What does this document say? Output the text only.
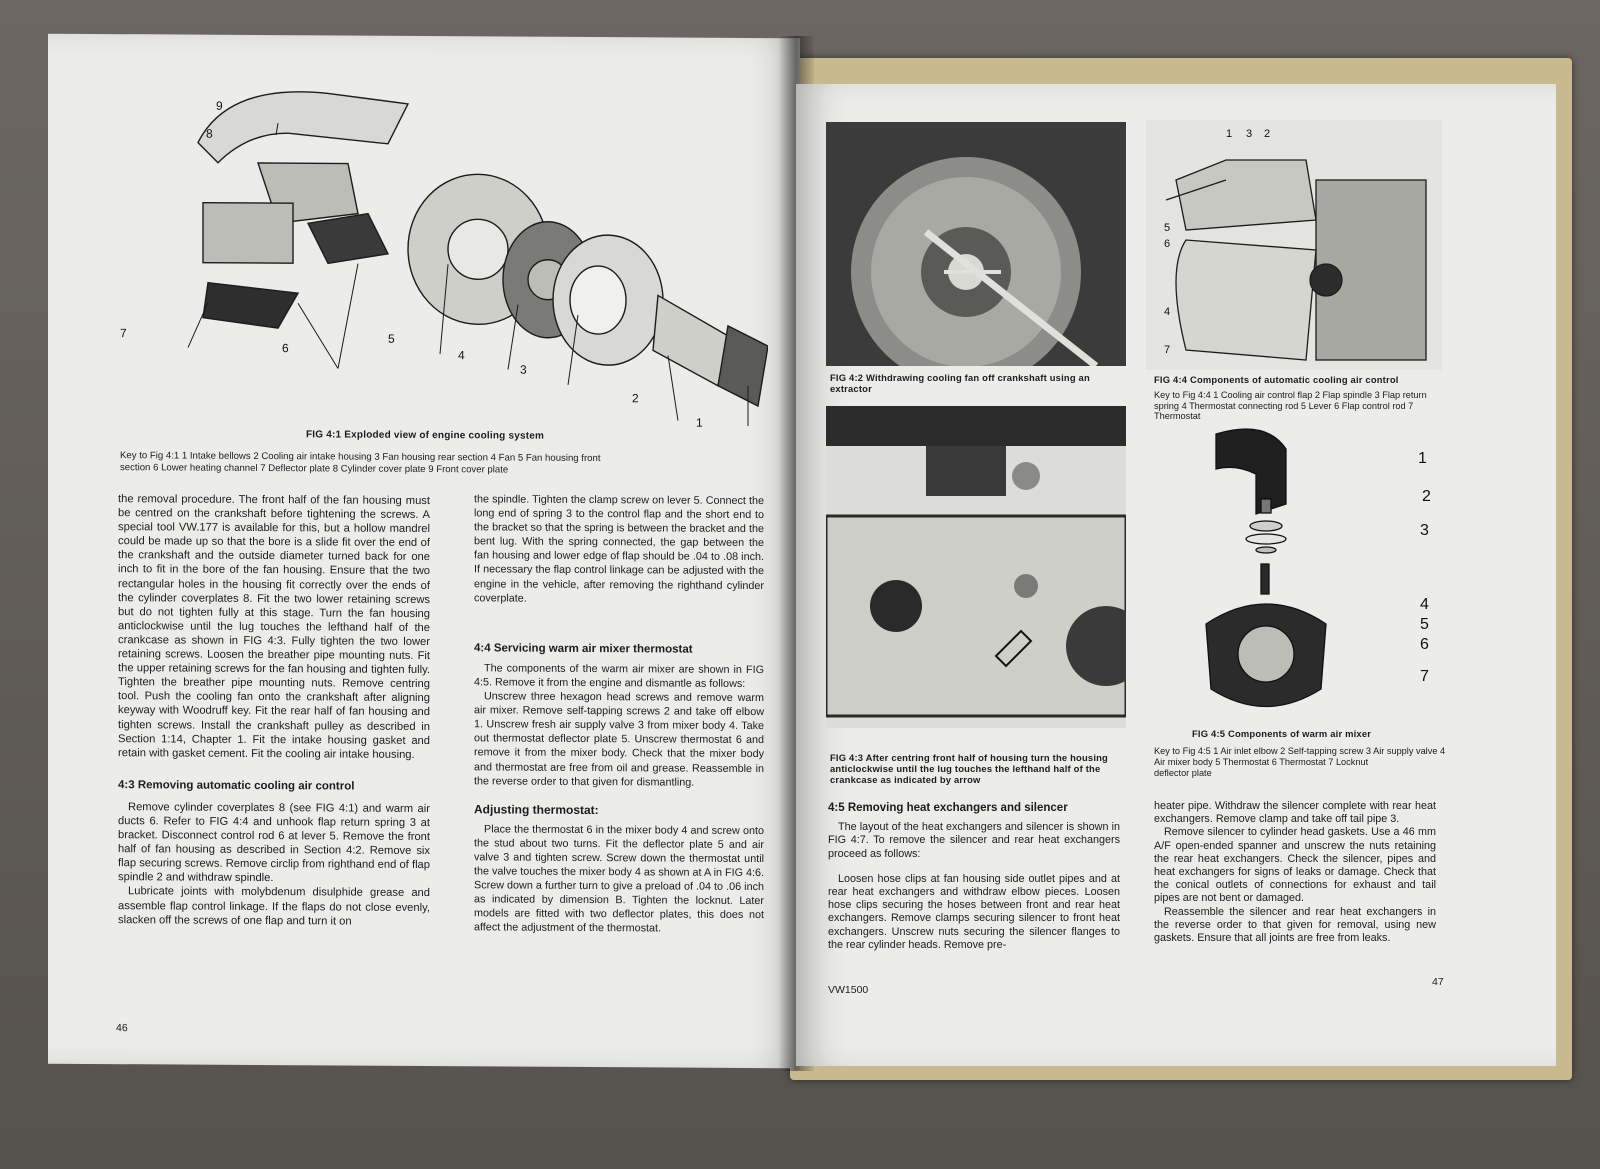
9
8
7
6
5
4
3
2
1
FIG 4:1 Exploded view of engine cooling system
Key to Fig 4:1 1 Intake bellows 2 Cooling air intake housing 3 Fan housing rear section 4 Fan 5 Fan housing front
section 6 Lower heating channel 7 Deflector plate 8 Cylinder cover plate 9 Front cover plate

the removal procedure. The front half of the fan housing must be centred on the crankshaft before tightening the screws. A special tool VW.177 is available for this, but a hollow mandrel could be made up so that the bore is a slide fit over the end of the crankshaft and the outside diameter turned back for one inch to fit in the bore of the fan housing. Ensure that the two rectangular holes in the housing fit correctly over the ends of the cylinder coverplates 8. Fit the two lower retaining screws but do not tighten fully at this stage. Turn the fan housing anticlockwise until the lug touches the lefthand half of the crankcase as shown in FIG 4:3. Fully tighten the two lower retaining screws. Loosen the breather pipe mounting nuts. Fit the upper retaining screws for the fan housing and tighten fully. Tighten the breather pipe mounting nuts. Remove centring tool. Push the cooling fan onto the crankshaft after aligning keyway with Woodruff key. Fit the rear half of fan housing and tighten screws. Install the crankshaft pulley as described in Section 1:14, Chapter 1. Fit the intake housing gasket and retain with gasket cement. Fit the cooling air intake housing.

4:3 Removing automatic cooling air control

Remove cylinder coverplates 8 (see FIG 4:1) and warm air ducts 6. Refer to FIG 4:4 and unhook flap return spring 3 at bracket. Disconnect control rod 6 at lever 5. Remove the front half of fan housing as described in Section 4:2. Remove six flap securing screws. Remove circlip from righthand end of flap spindle 2 and withdraw spindle.

Lubricate joints with molybdenum disulphide grease and assemble flap control linkage. If the flaps do not close evenly, slacken off the screws of one flap and turn it on

the spindle. Tighten the clamp screw on lever 5. Connect the long end of spring 3 to the control flap and the short end to the bracket so that the spring is between the bracket and the bent lug. With the spring connected, the gap between the fan housing and lower edge of flap should be .04 to .08 inch. If necessary the flap control linkage can be adjusted with the engine in the vehicle, after removing the righthand cylinder coverplate.

4:4 Servicing warm air mixer thermostat

The components of the warm air mixer are shown in FIG 4:5. Remove it from the engine and dismantle as follows:

Unscrew three hexagon head screws and remove warm air mixer. Remove self-tapping screws 2 and take off elbow 1. Unscrew fresh air supply valve 3 from mixer body 4. Take out thermostat deflector plate 5. Unscrew thermostat 6 and remove it from the mixer body. Check that the mixer body and thermostat are free from oil and grease. Reassemble in the reverse order to that given for dismantling.

Adjusting thermostat:

Place the thermostat 6 in the mixer body 4 and screw onto the stud about two turns. Fit the deflector plate 5 and air valve 3 and tighten screw. Screw down the thermostat until the valve touches the mixer body 4 as shown at A in FIG 4:6. Screw down a further turn to give a preload of .04 to .06 inch as indicated by dimension B. Tighten the locknut. Later models are fitted with two deflector plates, this does not affect the adjustment of the thermostat.

46
FIG 4:2 Withdrawing cooling fan off crankshaft using an extractor
FIG 4:3 After centring front half of housing turn the housing anticlockwise until the lug touches the lefthand half of the crankcase as indicated by arrow
1 3 2
5
6
4
7
FIG 4:4 Components of automatic cooling air control
Key to Fig 4:4 1 Cooling air control flap 2 Flap spindle 3 Flap return spring 4 Thermostat connecting rod 5 Lever 6 Flap control rod 7 Thermostat
1
2
3
4
5
6
7
FIG 4:5 Components of warm air mixer
Key to Fig 4:5 1 Air inlet elbow 2 Self-tapping screw 3 Air supply valve 4 Air mixer body 5 Thermostat 6 Thermostat 7 Locknut
deflector plate
4:5 Removing heat exchangers and silencer

The layout of the heat exchangers and silencer is shown in FIG 4:7. To remove the silencer and rear heat exchangers proceed as follows:

Loosen hose clips at fan housing side outlet pipes and at rear heat exchangers and withdraw elbow pieces. Loosen hose clips securing the hoses between front and rear heat exchangers. Remove clamps securing silencer to front heat exchangers. Unscrew nuts securing the silencer flanges to the rear cylinder heads. Remove pre-

heater pipe. Withdraw the silencer complete with rear heat exchangers. Remove clamp and take off tail pipe 3.

Remove silencer to cylinder head gaskets. Use a 46 mm A/F open-ended spanner and unscrew the nuts retaining the rear heat exchangers. Check the silencer, pipes and heat exchangers for signs of leaks or damage. Check that the conical outlets of connections for exhaust and tail pipes are not bent or damaged.

Reassemble the silencer and rear heat exchangers in the reverse order to that given for removal, using new gaskets. Ensure that all joints are free from leaks.

VW1500
47
